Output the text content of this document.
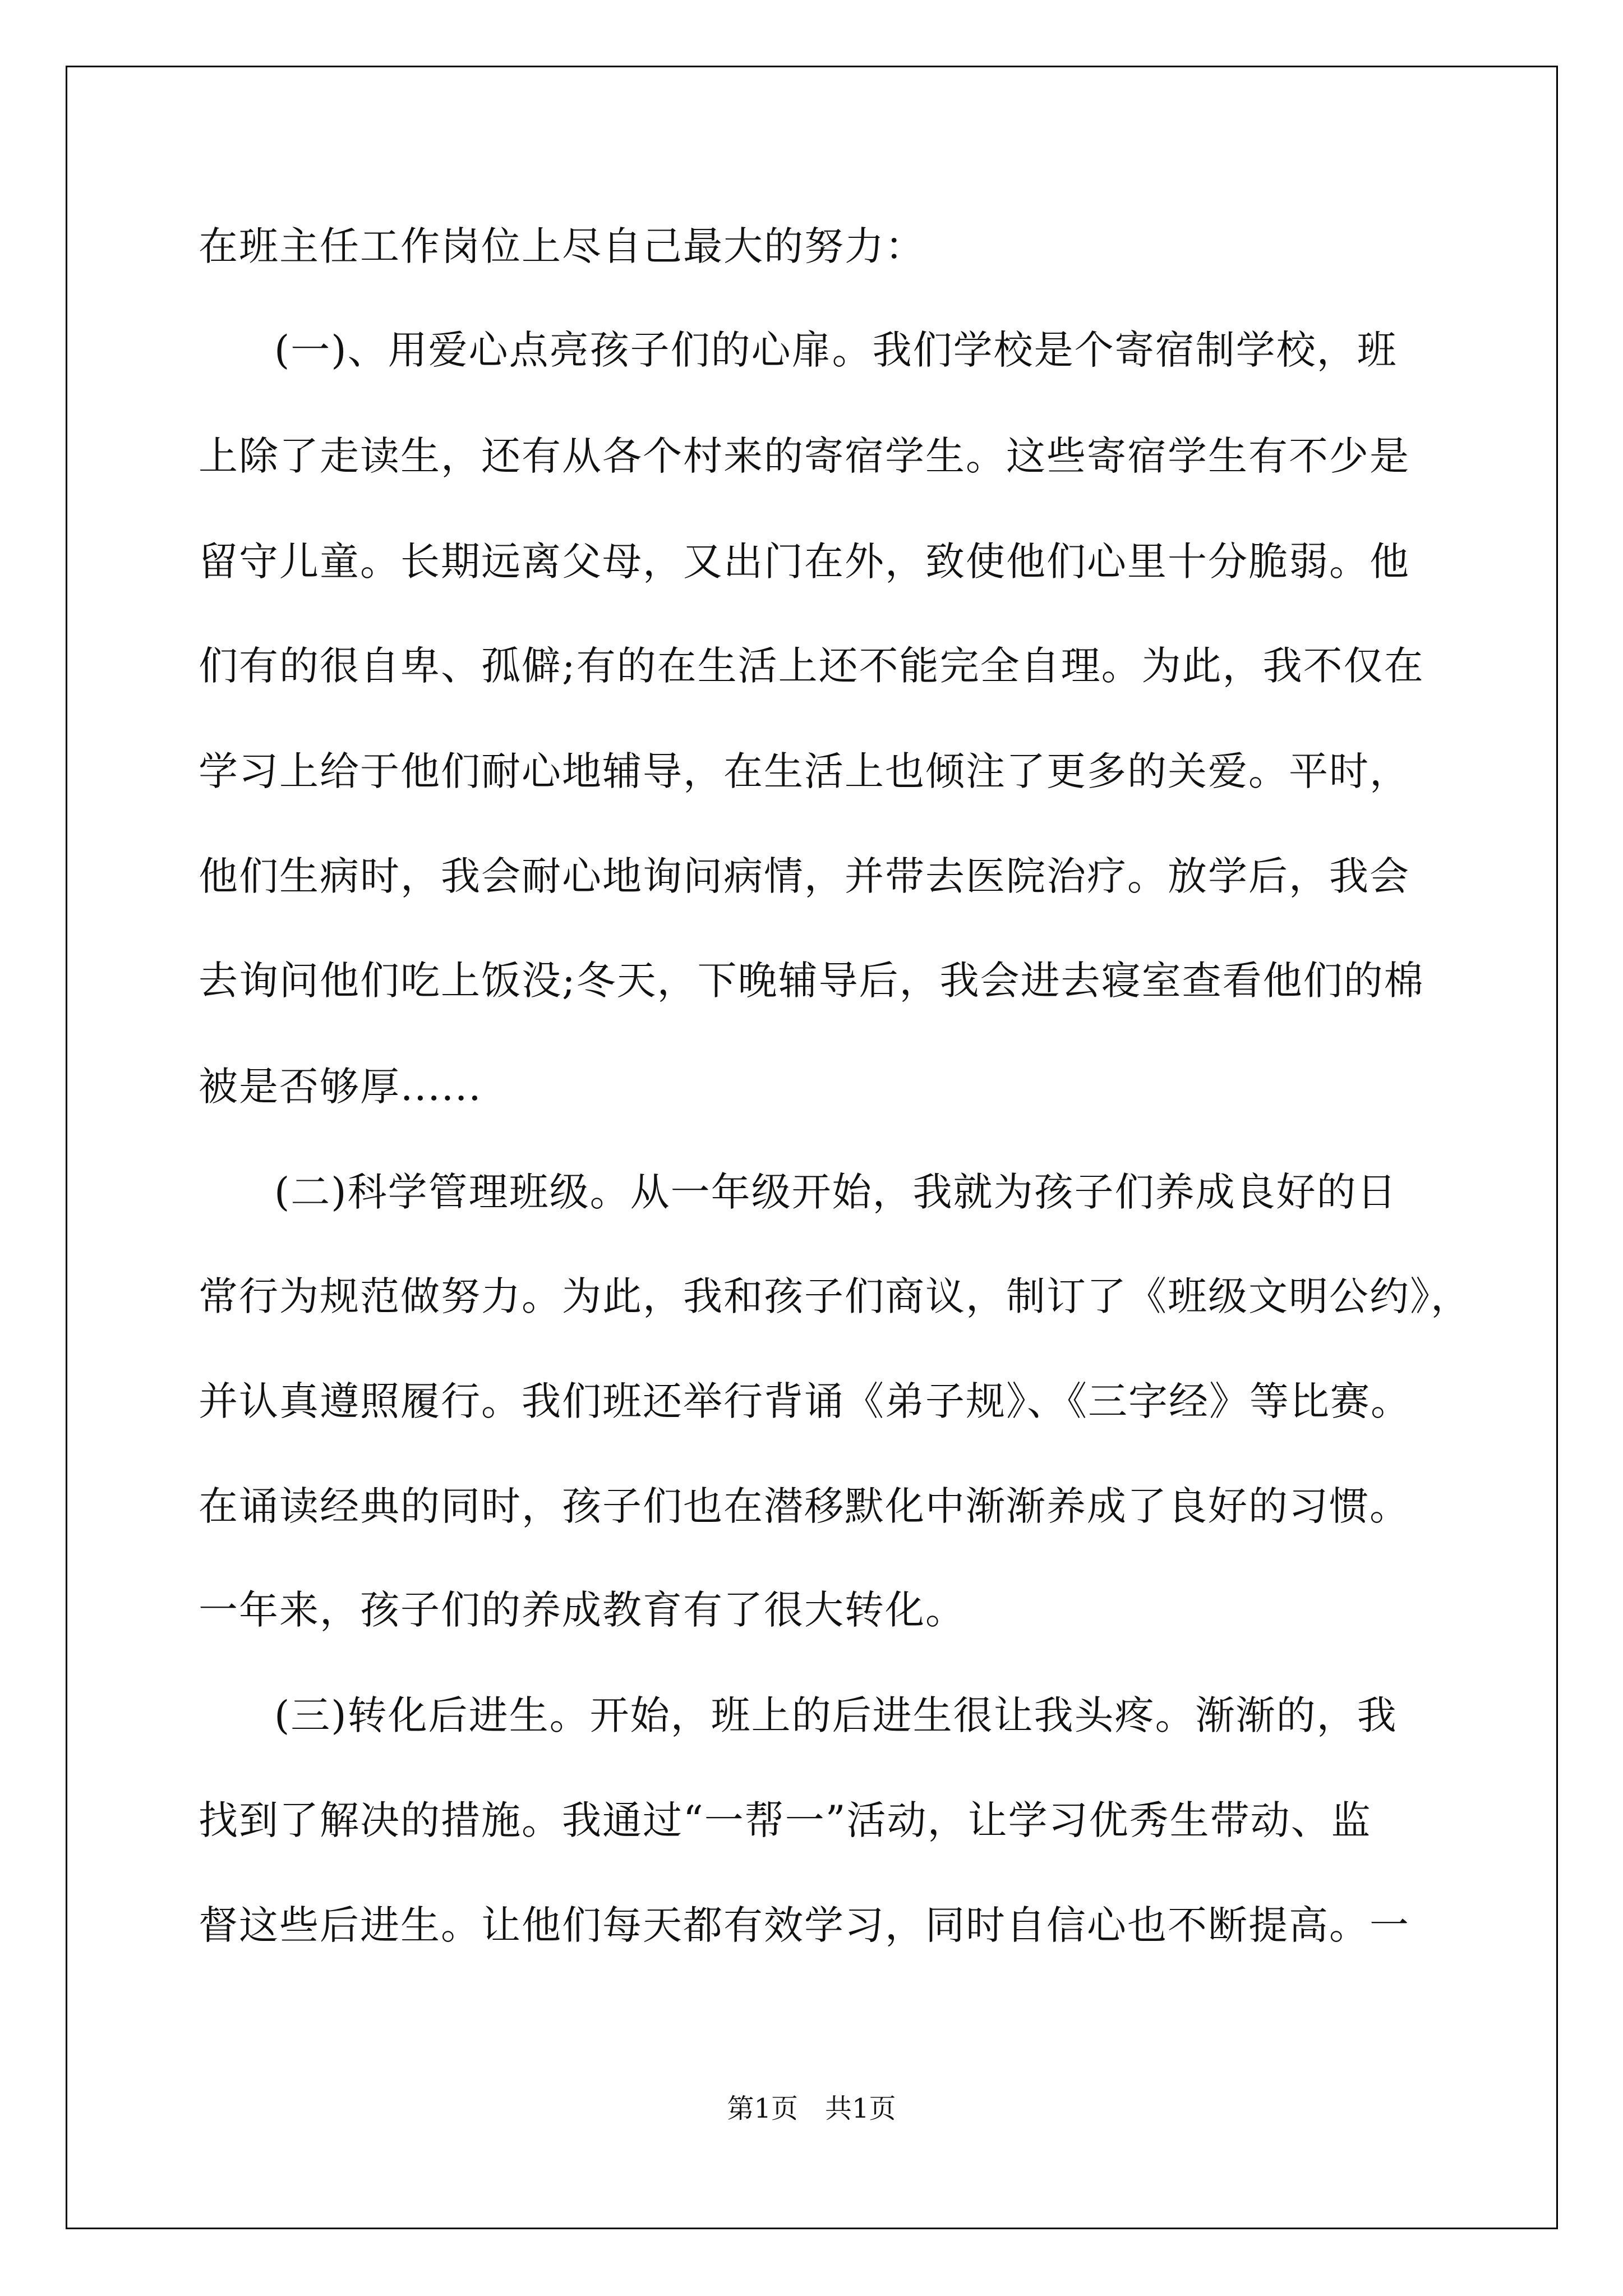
在班主任工作岗位上尽自己最大的努力：

(一)、用爱心点亮孩子们的心扉。我们学校是个寄宿制学校，班

上除了走读生，还有从各个村来的寄宿学生。这些寄宿学生有不少是

留守儿童。长期远离父母，又出门在外，致使他们心里十分脆弱。他

们有的很自卑、孤僻;有的在生活上还不能完全自理。为此，我不仅在

学习上给于他们耐心地辅导，在生活上也倾注了更多的关爱。平时，

他们生病时，我会耐心地询问病情，并带去医院治疗。放学后，我会

去询问他们吃上饭没;冬天，下晚辅导后，我会进去寝室查看他们的棉

被是否够厚......

(二)科学管理班级。从一年级开始，我就为孩子们养成良好的日

常行为规范做努力。为此，我和孩子们商议，制订了《班级文明公约》，

并认真遵照履行。我们班还举行背诵《弟子规》、《三字经》等比赛。

在诵读经典的同时，孩子们也在潜移默化中渐渐养成了良好的习惯。

一年来，孩子们的养成教育有了很大转化。

(三)转化后进生。开始，班上的后进生很让我头疼。渐渐的，我

找到了解决的措施。我通过“一帮一”活动，让学习优秀生带动、监

督这些后进生。让他们每天都有效学习，同时自信心也不断提高。一

第1页　共1页
